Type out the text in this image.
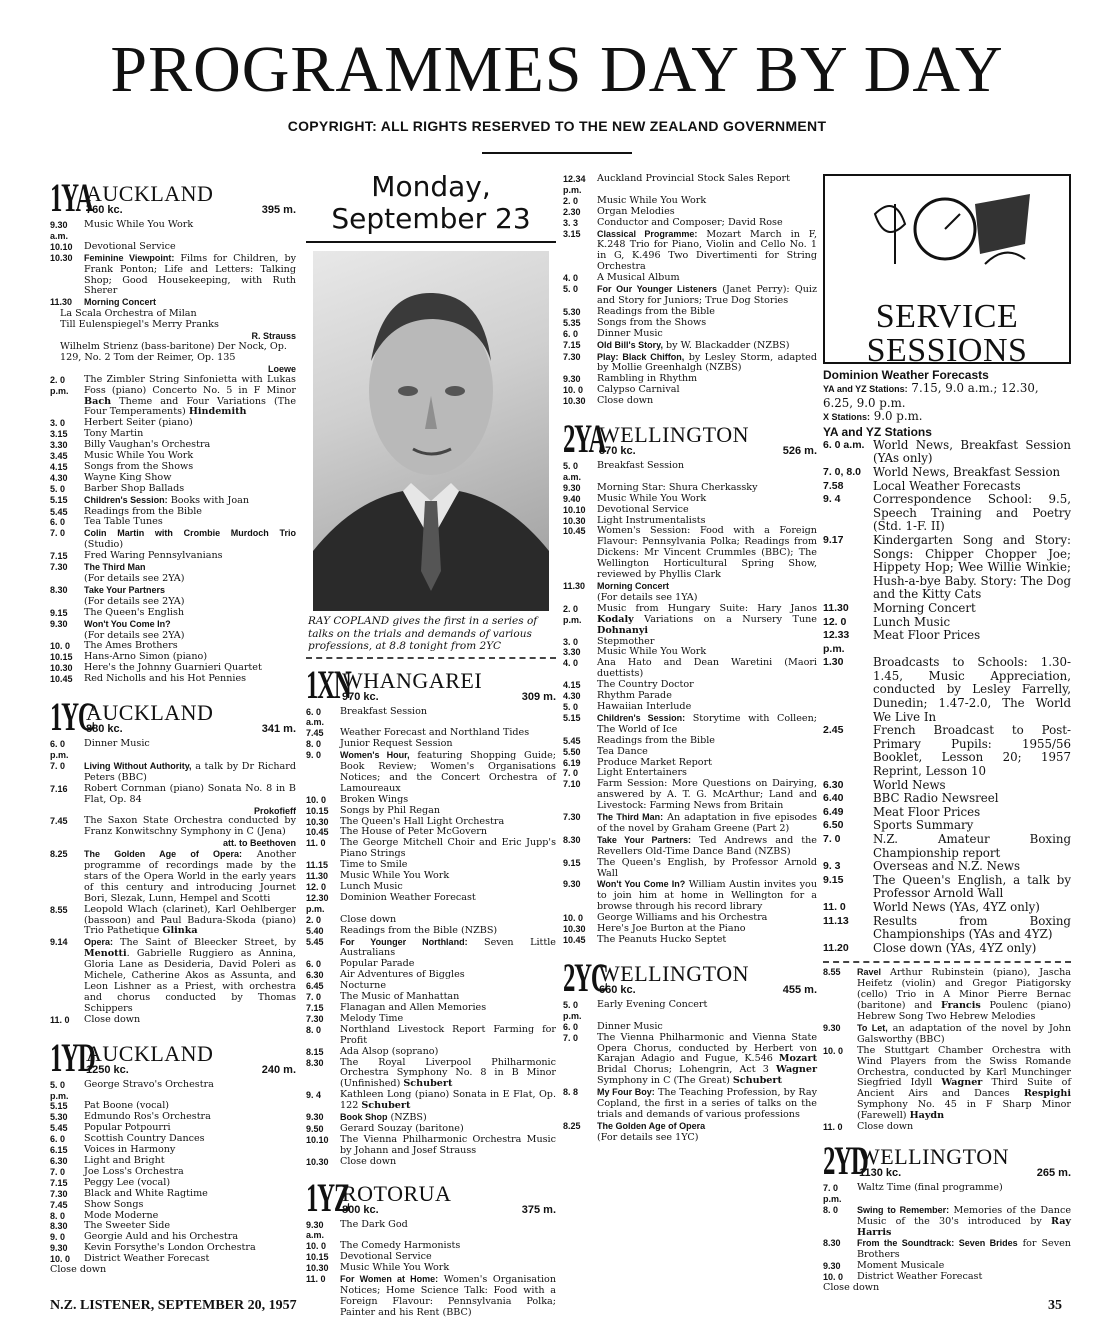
PROGRAMMES DAY BY DAY
COPYRIGHT: ALL RIGHTS RESERVED TO THE NEW ZEALAND GOVERNMENT
1YA
AUCKLAND
760 kc.	395 m.
9.30 a.m.
Music While You Work
10.10	Devotional Service
10.30	Feminine Viewpoint: Films for Children, by Frank Ponton; Life and Letters: Talking Shop; Good Housekeeping, with Ruth Sherer
11.30	Morning Concert
La Scala Orchestra of Milan
Till Eulenspiegel's Merry Pranks
R. Strauss
Wilhelm Strienz (bass-baritone) Der Nock, Op. 129, No. 2 Tom der Reimer, Op. 135
Loewe
2. 0 p.m.
The Zimbler String Sinfonietta with Lukas Foss (piano) Concerto No. 5 in F Minor Bach Theme and Four Variations (The Four Temperaments) Hindemith
3. 0	Herbert Seiter (piano)
3.15	Tony Martin
3.30	Billy Vaughan's Orchestra
3.45	Music While You Work
4.15	Songs from the Shows
4.30	Wayne King Show
5. 0	Barber Shop Ballads
5.15	Children's Session: Books with Joan
5.45	Readings from the Bible
6. 0	Tea Table Tunes
7. 0	Colin Martin with Crombie Murdoch Trio (Studio)
7.15	Fred Waring Pennsylvanians
7.30	The Third Man
(For details see 2YA)
8.30	Take Your Partners
(For details see 2YA)
9.15	The Queen's English
9.30	Won't You Come In?
(For details see 2YA)
10. 0	The Ames Brothers
10.15	Hans-Arno Simon (piano)
10.30	Here's the Johnny Guarnieri Quartet
10.45	Red Nicholls and his Hot Pennies
1YC
AUCKLAND
880 kc.	341 m.
6. 0 p.m.
Dinner Music
7. 0	Living Without Authority, a talk by Dr Richard Peters (BBC)
7.16	Robert Cornman (piano) Sonata No. 8 in B Flat, Op. 84
Prokofieff
7.45	The Saxon State Orchestra conducted by Franz Konwitschny Symphony in C (Jena)
att. to Beethoven
8.25	The Golden Age of Opera: Another programme of recordings made by the stars of the Opera World in the early years of this century and introducing Journet Bori, Slezak, Lunn, Hempel and Scotti
8.55	Leopold Wlach (clarinet), Karl Oehlberger (bassoon) and Paul Badura-Skoda (piano) Trio Pathetique Glinka
9.14	Opera: The Saint of Bleecker Street, by Menotti. Gabrielle Ruggiero as Annina, Gloria Lane as Desideria, David Poleri as Michele, Catherine Akos as Assunta, and Leon Lishner as a Priest, with orchestra and chorus conducted by Thomas Schippers
11. 0	Close down
1YD
AUCKLAND
1250 kc.	240 m.
5. 0 p.m.
George Stravo's Orchestra
5.15	Pat Boone (vocal)
5.30	Edmundo Ros's Orchestra
5.45	Popular Potpourri
6. 0	Scottish Country Dances
6.15	Voices in Harmony
6.30	Light and Bright
7. 0	Joe Loss's Orchestra
7.15	Peggy Lee (vocal)
7.30	Black and White Ragtime
7.45	Show Songs
8. 0	Mode Moderne
8.30	The Sweeter Side
9. 0	Georgie Auld and his Orchestra
9.30	Kevin Forsythe's London Orchestra
10. 0	District Weather Forecast
Close down
Monday, September 23
RAY COPLAND gives the first in a series of talks on the trials and demands of various professions, at 8.8 tonight from 2YC
1XN
WHANGAREI
970 kc.	309 m.
6. 0 a.m.
Breakfast Session
7.45	Weather Forecast and Northland Tides
8. 0	Junior Request Session
9. 0	Women's Hour, featuring Shopping Guide; Book Review; Women's Organisations Notices; and the Concert Orchestra of Lamoureaux
10. 0	Broken Wings
10.15	Songs by Phil Regan
10.30	The Queen's Hall Light Orchestra
10.45	The House of Peter McGovern
11. 0	The George Mitchell Choir and Eric Jupp's Piano Strings
11.15	Time to Smile
11.30	Music While You Work
12. 0	Lunch Music
12.30 p.m.
Dominion Weather Forecast
2. 0	Close down
5.40	Readings from the Bible (NZBS)
5.45	For Younger Northland: Seven Little Australians
6. 0	Popular Parade
6.30	Air Adventures of Biggles
6.45	Nocturne
7. 0	The Music of Manhattan
7.15	Flanagan and Allen Memories
7.30	Melody Time
8. 0	Northland Livestock Report Farming for Profit
8.15	Ada Alsop (soprano)
8.30	The Royal Liverpool Philharmonic Orchestra Symphony No. 8 in B Minor (Unfinished) Schubert
9. 4	Kathleen Long (piano) Sonata in E Flat, Op. 122 Schubert
9.30	Book Shop (NZBS)
9.50	Gerard Souzay (baritone)
10.10	The Vienna Philharmonic Orchestra Music by Johann and Josef Strauss
10.30	Close down
1YZ
ROTORUA
800 kc.	375 m.
9.30 a.m.
The Dark God
10. 0	The Comedy Harmonists
10.15	Devotional Service
10.30	Music While You Work
11. 0	For Women at Home: Women's Organisation Notices; Home Science Talk: Food with a Foreign Flavour: Pennsylvania Polka; Painter and his Rent (BBC)
12.34 p.m.
Auckland Provincial Stock Sales Report
2. 0	Music While You Work
2.30	Organ Melodies
3. 3	Conductor and Composer; David Rose
3.15	Classical Programme: Mozart March in F, K.248 Trio for Piano, Violin and Cello No. 1 in G, K.496 Two Divertimenti for String Orchestra
4. 0	A Musical Album
5. 0	For Our Younger Listeners (Janet Perry): Quiz and Story for Juniors; True Dog Stories
5.30	Readings from the Bible
5.35	Songs from the Shows
6. 0	Dinner Music
7.15	Old Bill's Story, by W. Blackadder (NZBS)
7.30	Play: Black Chiffon, by Lesley Storm, adapted by Mollie Greenhalgh (NZBS)
9.30	Rambling in Rhythm
10. 0	Calypso Carnival
10.30	Close down
2YA
WELLINGTON
570 kc.	526 m.
5. 0 a.m.
Breakfast Session
9.30	Morning Star: Shura Cherkassky
9.40	Music While You Work
10.10	Devotional Service
10.30	Light Instrumentalists
10.45	Women's Session: Food with a Foreign Flavour: Pennsylvania Polka; Readings from Dickens: Mr Vincent Crummles (BBC); The Wellington Horticultural Spring Show, reviewed by Phyllis Clark
11.30	Morning Concert
(For details see 1YA)
2. 0 p.m.
Music from Hungary Suite: Hary Janos Kodaly Variations on a Nursery Tune Dohnanyi
3. 0	Stepmother
3.30	Music While You Work
4. 0	Ana Hato and Dean Waretini (Maori duettists)
4.15	The Country Doctor
4.30	Rhythm Parade
5. 0	Hawaiian Interlude
5.15	Children's Session: Storytime with Colleen; The World of Ice
5.45	Readings from the Bible
5.50	Tea Dance
6.19	Produce Market Report
7. 0	Light Entertainers
7.10	Farm Session: More Questions on Dairying, answered by A. T. G. McArthur; Land and Livestock: Farming News from Britain
7.30	The Third Man: An adaptation in five episodes of the novel by Graham Greene (Part 2)
8.30	Take Your Partners: Ted Andrews and the Revellers Old-Time Dance Band (NZBS)
9.15	The Queen's English, by Professor Arnold Wall
9.30	Won't You Come In? William Austin invites you to join him at home in Wellington for a browse through his record library
10. 0	George Williams and his Orchestra
10.30	Here's Joe Burton at the Piano
10.45	The Peanuts Hucko Septet
2YC
WELLINGTON
660 kc.	455 m.
5. 0 p.m.
Early Evening Concert
6. 0	Dinner Music
7. 0	The Vienna Philharmonic and Vienna State Opera Chorus, conducted by Herbert von Karajan Adagio and Fugue, K.546 Mozart Bridal Chorus; Lohengrin, Act 3 Wagner Symphony in C (The Great) Schubert
8. 8	My Four Boy: The Teaching Profession, by Ray Copland, the first in a series of talks on the trials and demands of various professions
8.25	The Golden Age of Opera
(For details see 1YC)
SERVICE SESSIONS
Dominion Weather Forecasts
YA and YZ Stations: 7.15, 9.0 a.m.; 12.30, 6.25, 9.0 p.m.
X Stations: 9.0 p.m.
YA and YZ Stations
6. 0 a.m. World News, Breakfast Session (YAs only)
7. 0, 8.0	World News, Breakfast Session
7.58	Local Weather Forecasts
9. 4	Correspondence School: 9.5, Speech Training and Poetry (Std. 1-F. II)
9.17	Kindergarten Song and Story: Songs: Chipper Chopper Joe; Hippety Hop; Wee Willie Winkie; Hush-a-bye Baby. Story: The Dog and the Kitty Cats
11.30	Morning Concert
12. 0	Lunch Music
12.33 p.m.
Meat Floor Prices
1.30	Broadcasts to Schools: 1.30-1.45, Music Appreciation, conducted by Lesley Farrelly, Dunedin; 1.47-2.0, The World We Live In
2.45	French Broadcast to Post-Primary Pupils: 1955/56 Booklet, Lesson 20; 1957 Reprint, Lesson 10
6.30	World News
6.40	BBC Radio Newsreel
6.49	Meat Floor Prices
6.50	Sports Summary
7. 0	N.Z. Amateur Boxing Championship report
9. 3	Overseas and N.Z. News
9.15	The Queen's English, a talk by Professor Arnold Wall
11. 0	World News (YAs, 4YZ only)
11.13	Results from Boxing Championships (YAs and 4YZ)
11.20	Close down (YAs, 4YZ only)
8.55	Ravel Arthur Rubinstein (piano), Jascha Heifetz (violin) and Gregor Piatigorsky (cello) Trio in A Minor Pierre Bernac (baritone) and Francis Poulenc (piano) Hebrew Song Two Hebrew Melodies
9.30	To Let, an adaptation of the novel by John Galsworthy (BBC)
10. 0	The Stuttgart Chamber Orchestra with Wind Players from the Swiss Romande Orchestra, conducted by Karl Munchinger Siegfried Idyll Wagner Third Suite of Ancient Airs and Dances Respighi Symphony No. 45 in F Sharp Minor (Farewell) Haydn
11. 0	Close down
2YD
WELLINGTON
1130 kc.	265 m.
7. 0 p.m.
Waltz Time (final programme)
8. 0	Swing to Remember: Memories of the Dance Music of the 30's introduced by Ray Harris
8.30	From the Soundtrack: Seven Brides for Seven Brothers
9.30	Moment Musicale
10. 0	District Weather Forecast
Close down
N.Z. LISTENER, SEPTEMBER 20, 1957	35
